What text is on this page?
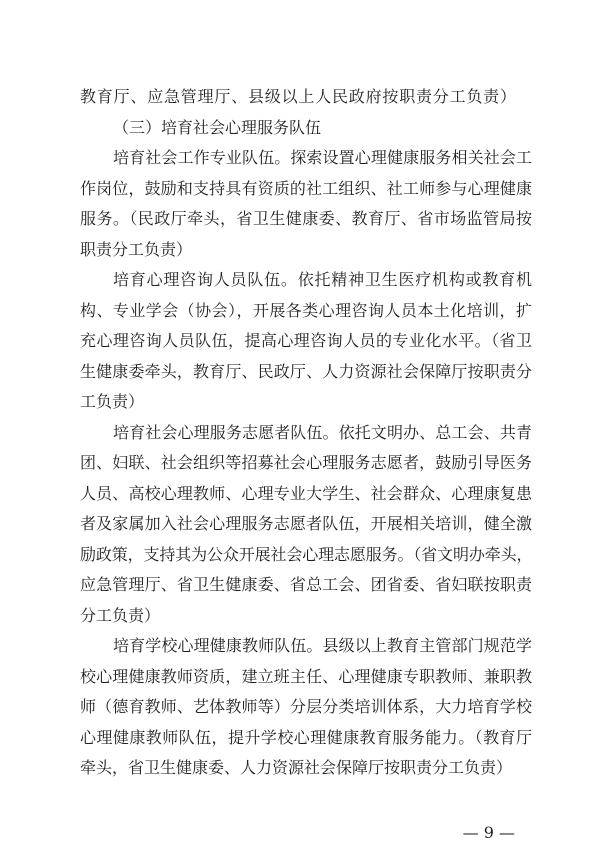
教育厅、应急管理厅、县级以上人民政府按职责分工负责）
（三）培育社会心理服务队伍
培育社会工作专业队伍。探索设置心理健康服务相关社会工
作岗位，鼓励和支持具有资质的社工组织、社工师参与心理健康
服务。（民政厅牵头，省卫生健康委、教育厅、省市场监管局按
职责分工负责）
培育心理咨询人员队伍。依托精神卫生医疗机构或教育机
构、专业学会（协会），开展各类心理咨询人员本土化培训，扩
充心理咨询人员队伍，提高心理咨询人员的专业化水平。（省卫
生健康委牵头，教育厅、民政厅、人力资源社会保障厅按职责分
工负责）
培育社会心理服务志愿者队伍。依托文明办、总工会、共青
团、妇联、社会组织等招募社会心理服务志愿者，鼓励引导医务
人员、高校心理教师、心理专业大学生、社会群众、心理康复患
者及家属加入社会心理服务志愿者队伍，开展相关培训，健全激
励政策，支持其为公众开展社会心理志愿服务。（省文明办牵头，
应急管理厅、省卫生健康委、省总工会、团省委、省妇联按职责
分工负责）
培育学校心理健康教师队伍。县级以上教育主管部门规范学
校心理健康教师资质，建立班主任、心理健康专职教师、兼职教
师（德育教师、艺体教师等）分层分类培训体系，大力培育学校
心理健康教师队伍，提升学校心理健康教育服务能力。（教育厅
牵头，省卫生健康委、人力资源社会保障厅按职责分工负责）
— 9 —
